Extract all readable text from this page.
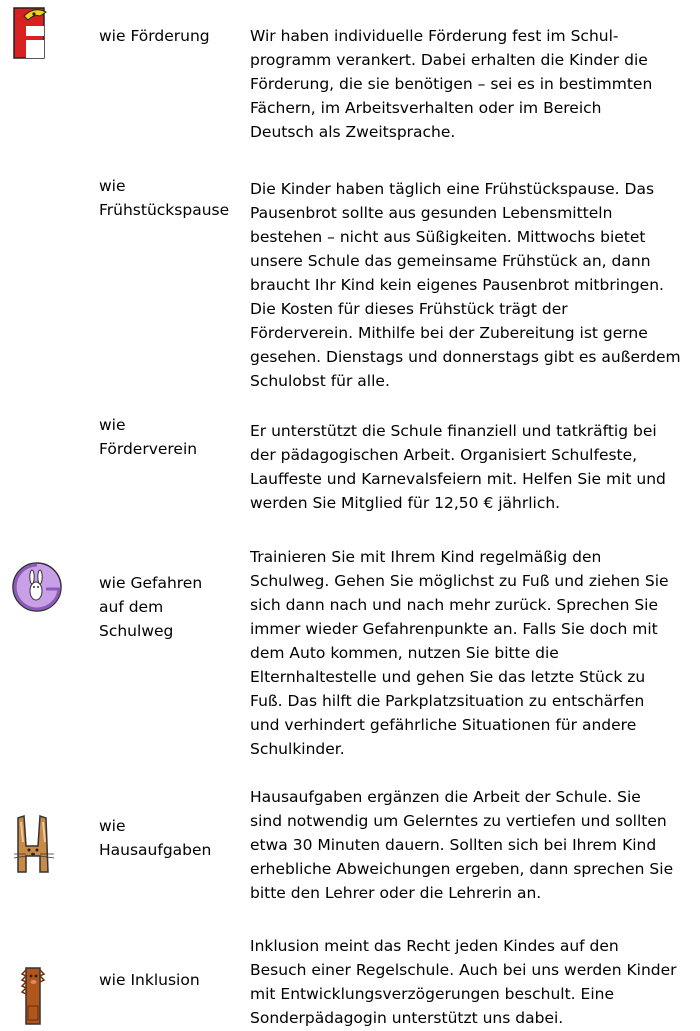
wie Förderung	Wir haben individuelle Förderung fest im Schul-
programm verankert. Dabei erhalten die Kinder die
Förderung, die sie benötigen – sei es in bestimmten
Fächern, im Arbeitsverhalten oder im Bereich
Deutsch als Zweitsprache.
wie
Frühstückspause
Die Kinder haben täglich eine Frühstückspause. Das
Pausenbrot sollte aus gesunden Lebensmitteln
bestehen – nicht aus Süßigkeiten. Mittwochs bietet
unsere Schule das gemeinsame Frühstück an, dann
braucht Ihr Kind kein eigenes Pausenbrot mitbringen.
Die Kosten für dieses Frühstück trägt der
Förderverein. Mithilfe bei der Zubereitung ist gerne
gesehen. Dienstags und donnerstags gibt es außerdem
Schulobst für alle.
wie
Förderverein
Er unterstützt die Schule finanziell und tatkräftig bei
der pädagogischen Arbeit. Organisiert Schulfeste,
Lauffeste und Karnevalsfeiern mit. Helfen Sie mit und
werden Sie Mitglied für 12,50 € jährlich.
wie Gefahren
auf dem
Schulweg
Trainieren Sie mit Ihrem Kind regelmäßig den
Schulweg. Gehen Sie möglichst zu Fuß und ziehen Sie
sich dann nach und nach mehr zurück. Sprechen Sie
immer wieder Gefahrenpunkte an. Falls Sie doch mit
dem Auto kommen, nutzen Sie bitte die
Elternhaltestelle und gehen Sie das letzte Stück zu
Fuß. Das hilft die Parkplatzsituation zu entschärfen
und verhindert gefährliche Situationen für andere
Schulkinder.
wie
Hausaufgaben
Hausaufgaben ergänzen die Arbeit der Schule. Sie
sind notwendig um Gelerntes zu vertiefen und sollten
etwa 30 Minuten dauern. Sollten sich bei Ihrem Kind
erhebliche Abweichungen ergeben, dann sprechen Sie
bitte den Lehrer oder die Lehrerin an.
wie Inklusion
Inklusion meint das Recht jeden Kindes auf den
Besuch einer Regelschule. Auch bei uns werden Kinder
mit Entwicklungsverzögerungen beschult. Eine
Sonderpädagogin unterstützt uns dabei.
